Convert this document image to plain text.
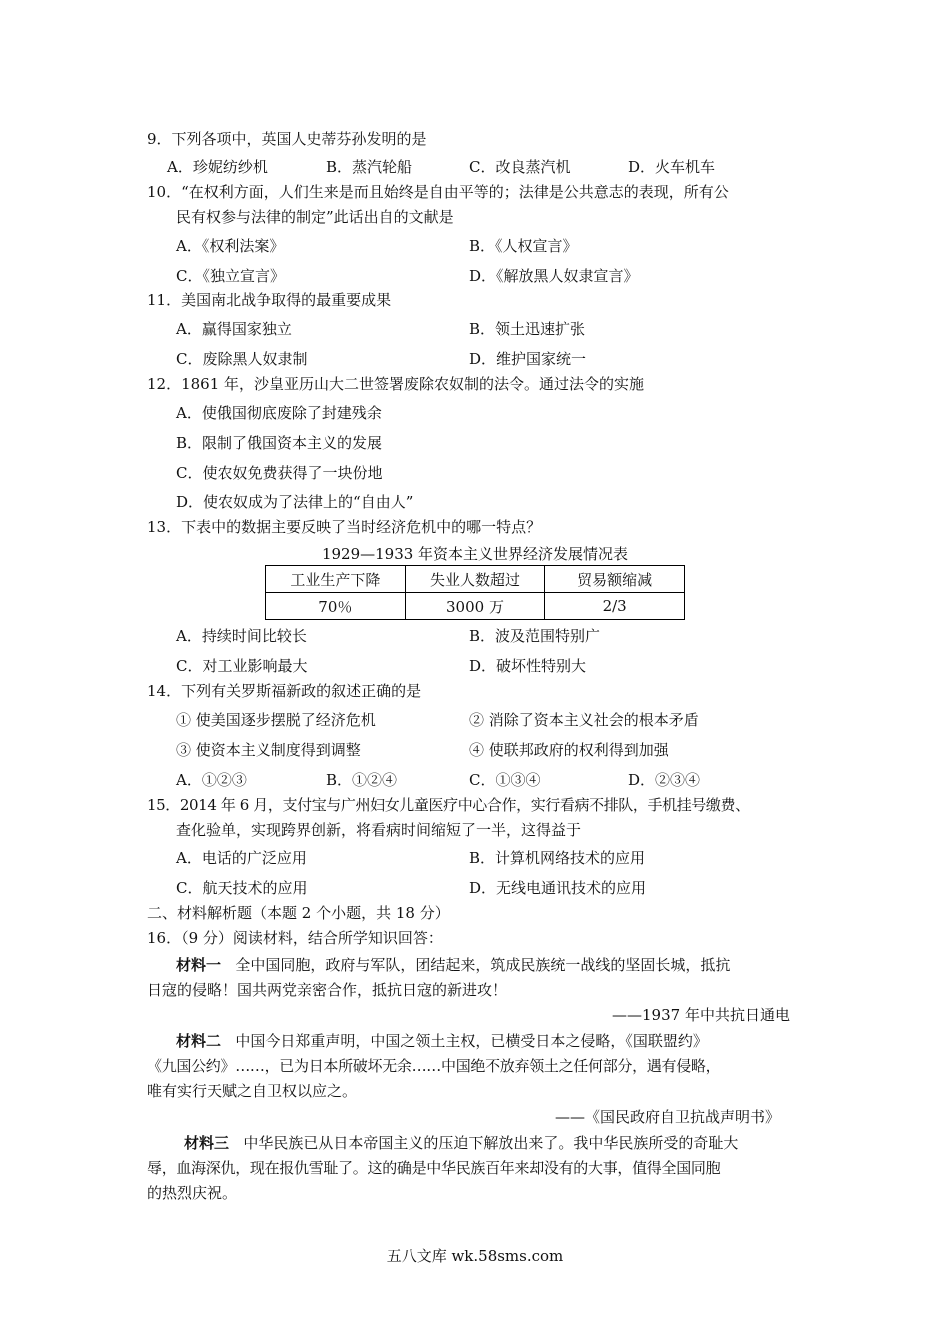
9．下列各项中，英国人史蒂芬孙发明的是
A．珍妮纺纱机	B．蒸汽轮船	C．改良蒸汽机	D．火车机车
10．“在权利方面，人们生来是而且始终是自由平等的；法律是公共意志的表现，所有公
民有权参与法律的制定”此话出自的文献是
A．《权利法案》	B．《人权宣言》
C．《独立宣言》	D．《解放黑人奴隶宣言》
11．美国南北战争取得的最重要成果
A．赢得国家独立	B．领土迅速扩张
C．废除黑人奴隶制	D．维护国家统一
12．1861 年，沙皇亚历山大二世签署废除农奴制的法令。通过法令的实施
A．使俄国彻底废除了封建残余
B．限制了俄国资本主义的发展
C．使农奴免费获得了一块份地
D．使农奴成为了法律上的“自由人”
13．下表中的数据主要反映了当时经济危机中的哪一特点？
1929—1933 年资本主义世界经济发展情况表
工业生产下降	失业人数超过	贸易额缩减
70％	3000 万	2/3
A．持续时间比较长	B．波及范围特别广
C．对工业影响最大	D．破坏性特别大
14．下列有关罗斯福新政的叙述正确的是
① 使美国逐步摆脱了经济危机	② 消除了资本主义社会的根本矛盾
③ 使资本主义制度得到调整	④ 使联邦政府的权利得到加强
A．①②③	B．①②④	C．①③④	D．②③④
15．2014 年 6 月，支付宝与广州妇女儿童医疗中心合作，实行看病不排队，手机挂号缴费、
查化验单，实现跨界创新，将看病时间缩短了一半，这得益于
A．电话的广泛应用	B．计算机网络技术的应用
C．航天技术的应用	D．无线电通讯技术的应用
二、材料解析题（本题 2 个小题，共 18 分）
16．（9 分）阅读材料，结合所学知识回答：
材料一 全中国同胞，政府与军队，团结起来，筑成民族统一战线的坚固长城，抵抗
日寇的侵略！国共两党亲密合作，抵抗日寇的新进攻！
——1937 年中共抗日通电
材料二 中国今日郑重声明，中国之领土主权，已横受日本之侵略，《国联盟约》
《九国公约》……，已为日本所破坏无余……中国绝不放弃领土之任何部分，遇有侵略，
唯有实行天赋之自卫权以应之。
——《国民政府自卫抗战声明书》
材料三 中华民族已从日本帝国主义的压迫下解放出来了。我中华民族所受的奇耻大
辱，血海深仇，现在报仇雪耻了。这的确是中华民族百年来却没有的大事，值得全国同胞
的热烈庆祝。
五八文库 wk.58sms.com
